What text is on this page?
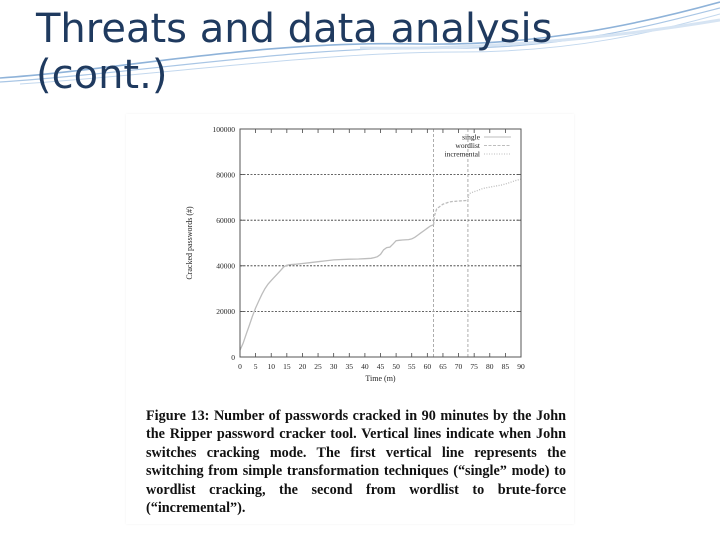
Threats and data analysis
(cont.)
0
20000
40000
60000
80000
100000
0 5 10 15 20 25 30 35 40 45 50 55 60 65 70 75 80 85 90
Cracked passwords (#)
Time (m)
single
wordlist
incremental
Figure 13: Number of passwords cracked in 90 minutes by the John the Ripper password cracker tool. Vertical lines indicate when John switches cracking mode. The first vertical line represents the switching from simple transformation techniques (“single” mode) to wordlist cracking, the second from wordlist to brute-force (“incremental”).
